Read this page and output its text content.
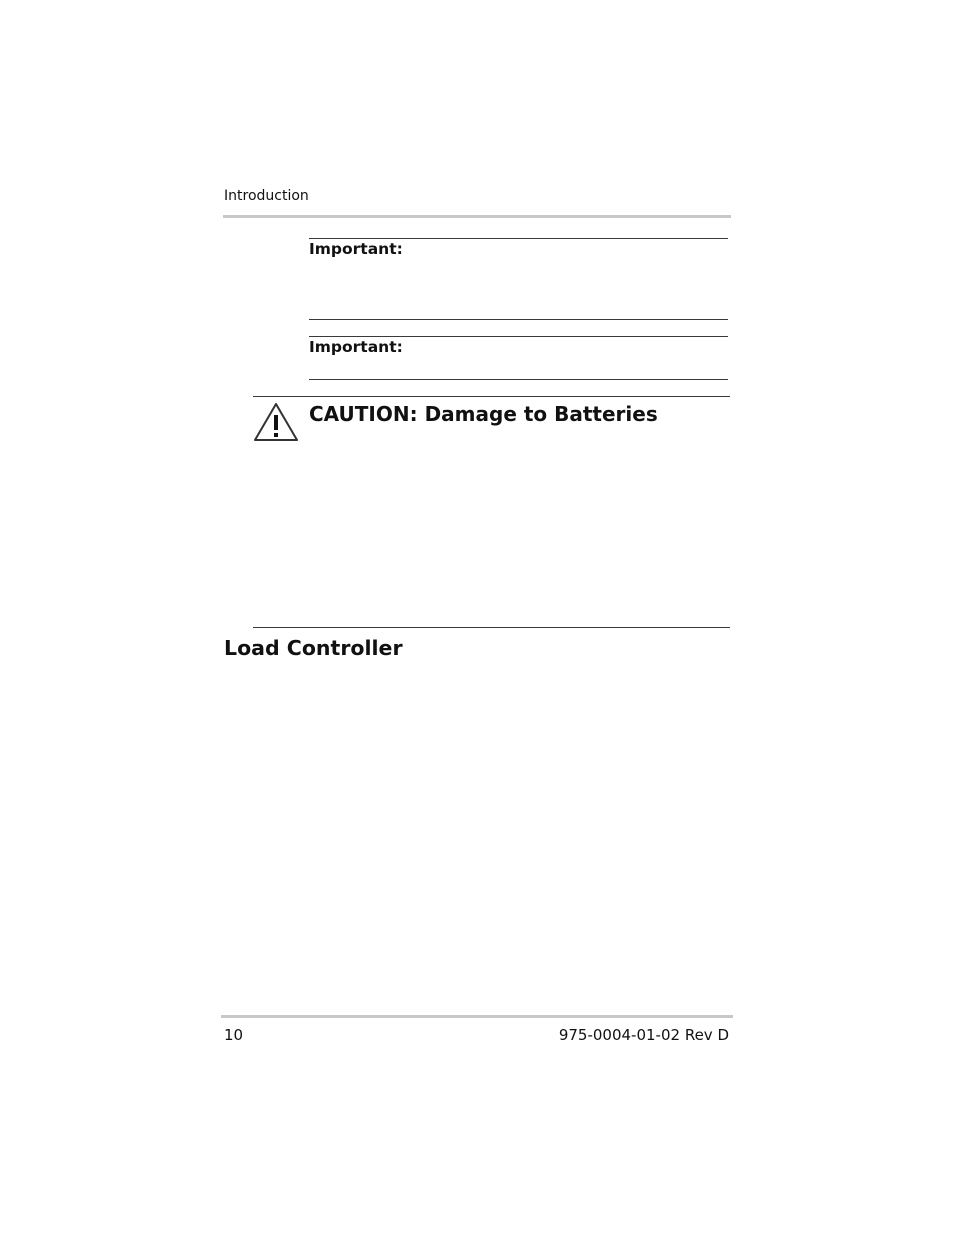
Introduction
Important:
Important:
CAUTION: Damage to Batteries
Load Controller
10	975-0004-01-02 Rev D
